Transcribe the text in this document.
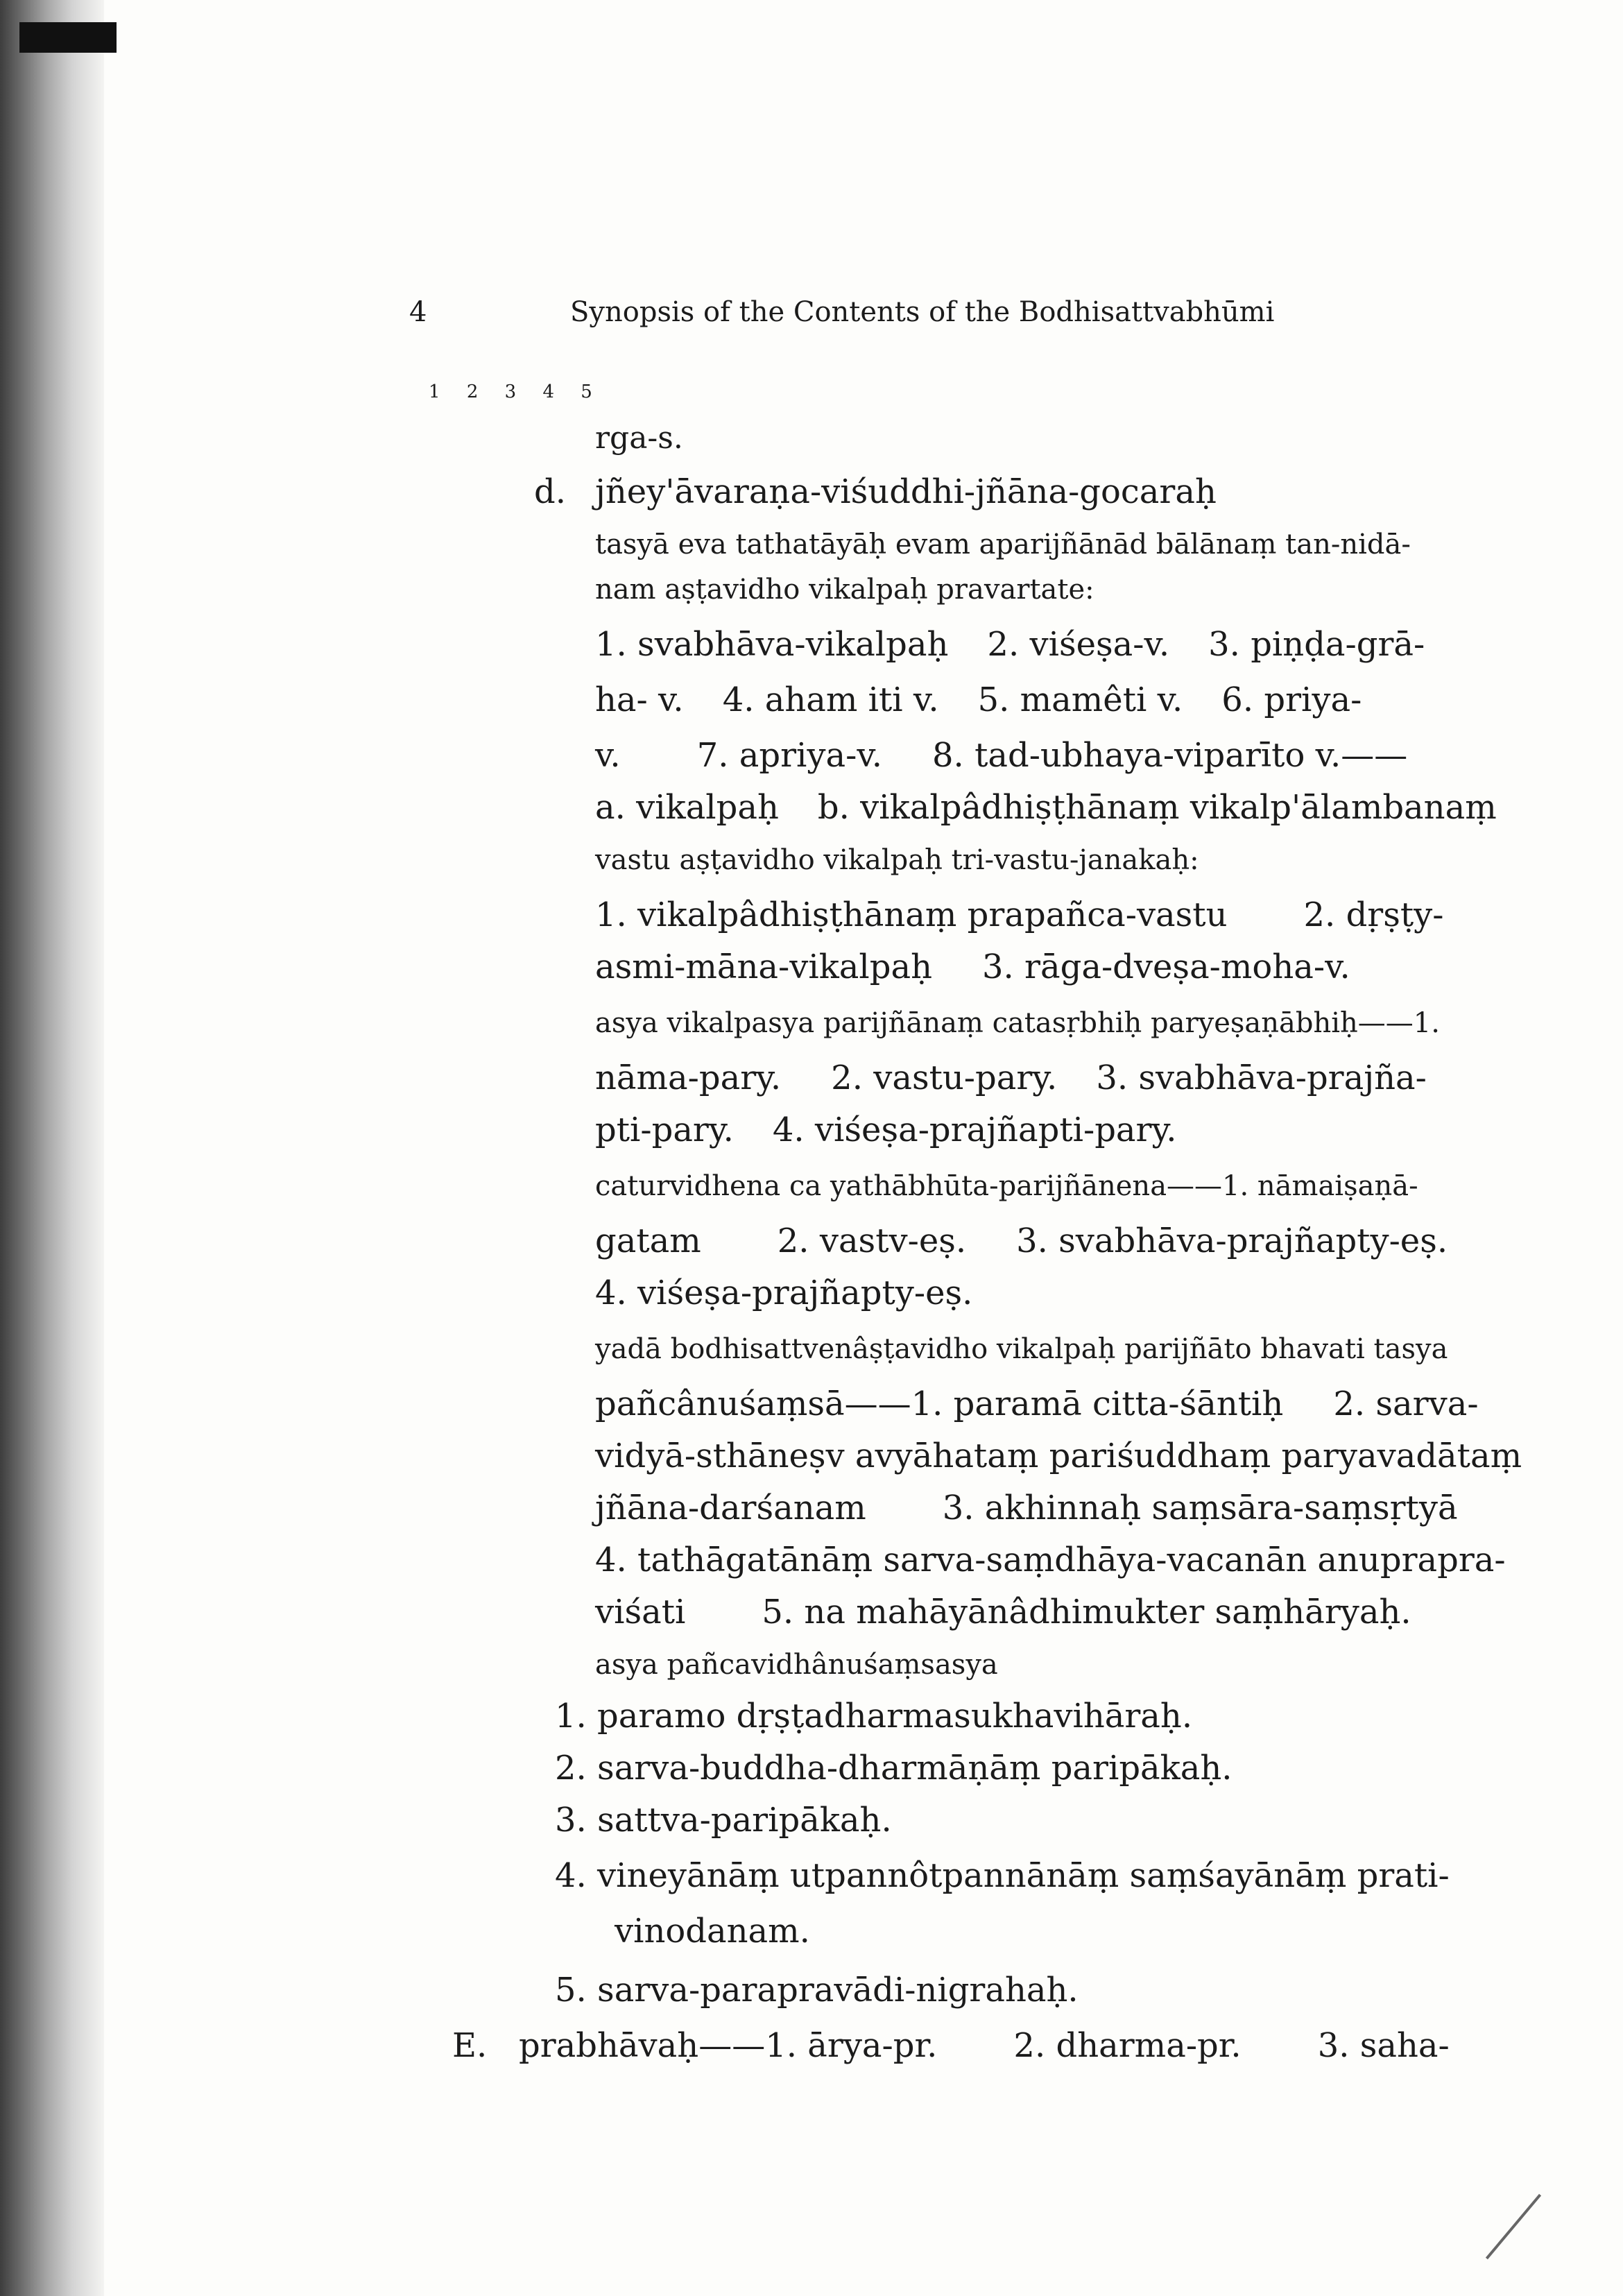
4	Synopsis of the Contents of the Bodhisattvabhūmi
1 2 3 4 5
rga-s.
d. jñey'āvaraṇa-viśuddhi-jñāna-gocaraḥ
tasyā eva tathatāyāḥ evam aparijñānād bālānaṃ tan-nidā-
nam aṣṭavidho vikalpaḥ pravartate:
1. svabhāva-vikalpaḥ 2. viśeṣa-v. 3. piṇḍa-grā-
ha- v. 4. aham iti v. 5. mamêti v. 6. priya-
v. 7. apriya-v. 8. tad-ubhaya-viparīto v.——
a. vikalpaḥ b. vikalpâdhiṣṭhānaṃ vikalp'ālambanaṃ
vastu aṣṭavidho vikalpaḥ tri-vastu-janakaḥ:
1. vikalpâdhiṣṭhānaṃ prapañca-vastu 2. dṛṣṭy-
asmi-māna-vikalpaḥ 3. rāga-dveṣa-moha-v.
asya vikalpasya parijñānaṃ catasṛbhiḥ paryeṣaṇābhiḥ——1.
nāma-pary. 2. vastu-pary. 3. svabhāva-prajña-
pti-pary. 4. viśeṣa-prajñapti-pary.
caturvidhena ca yathābhūta-parijñānena——1. nāmaiṣaṇā-
gatam 2. vastv-eṣ. 3. svabhāva-prajñapty-eṣ.
4. viśeṣa-prajñapty-eṣ.
yadā bodhisattvenâṣṭavidho vikalpaḥ parijñāto bhavati tasya
pañcânuśaṃsā——1. paramā citta-śāntiḥ 2. sarva-
vidyā-sthāneṣv avyāhataṃ pariśuddhaṃ paryavadātaṃ
jñāna-darśanam 3. akhinnaḥ saṃsāra-saṃsṛtyā
4. tathāgatānāṃ sarva-saṃdhāya-vacanān anuprapra-
viśati 5. na mahāyānâdhimukter saṃhāryaḥ.
asya pañcavidhânuśaṃsasya
1. paramo dṛṣṭadharmasukhavihāraḥ.
2. sarva-buddha-dharmāṇāṃ paripākaḥ.
3. sattva-paripākaḥ.
4. vineyānāṃ utpannôtpannānāṃ saṃśayānāṃ prati-
vinodanam.
5. sarva-parapravādi-nigrahaḥ.
E. prabhāvaḥ——1. ārya-pr. 2. dharma-pr. 3. saha-
